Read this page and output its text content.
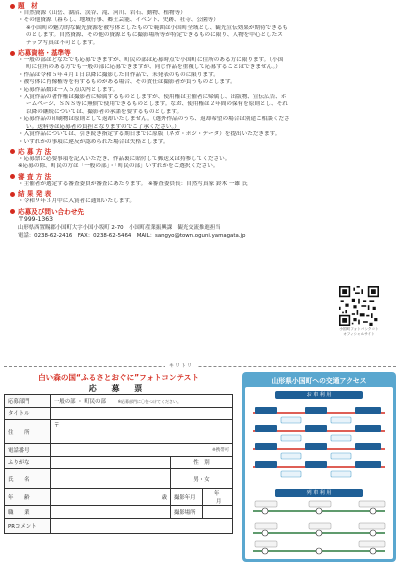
題　材
・自然資源（山岳、湖沼、渓谷、滝、河川、岩石、動物、植物等）
・その他資源（暮らし、地域行事、郷土芸能、イベント、史跡、社寺、公園等）
※小国町の魅力的な観光資源を被写体としたもので範囲は小国町全域とし、観光宣伝効果が期待できるも
のとします。自然資源、その他の資源ともに撮影場所等が特定できるものに限り、人物を中心としたス
ナップ写真は不可とします。
応募資格・基準等
・一般の部はどなたでも応募できますが、町民の部は応募時点で小国町に住所のある方に限ります。（小国
町に住所のある方でも一般の部に応募できますが、同じ作品を重複して応募することはできません。）
・作品は令和５年４月１日以降に撮影した自作品で、未発表のものに限ります。
・被写体に肖像権等を有するものがある場合、その責任は撮影者が負うものとします。
・応募作品数は一人５点以内とします。
・入賞作品の著作権は撮影者に帰属するものとしますが、使用権は主催者に帰属し、出版物、宣伝広告、ホ
ームページ、ＳＮＳ等に無償で使用できるものとします。なお、使用権は２年間の保有を原則とし、それ
以降の継続については、撮影者の承諾を要するものとします。
・応募作品の印刷物は原則として返却いたしません。（選外作品のうち、返却希望の場合は別途ご相談くださ
い。送料等は応募者の負担となりますのでご了承ください。）
・入賞作品については、引き続き指定する期日までに原版（ネガ・ポジ・データ）を提出いただきます。
・いずれかの事項に違反が認められた場合は失格とします。
応 募 方 法
・応募票に必要事項を記入いただき、作品裏に貼付して郵送又は持参してください。
※応募の際、町民の方は「一般の部」・「町民の部」いずれかをご選択ください。
審 査 方 法
・主催者が選定する審査委員が審査にあたります。 ※審査委員長：自然写真家 鈴木 一雄 氏
結 果 発 表
・令和９年３月中に入賞者に通知いたします。
応募及び問い合わせ先
〒999-1363
山形県西置賜郡小国町大字小国小坂町 2-70　小国町産業振興課　観光交流推進担当
電話：0238-62-2416　FAX：0238-62-5464　MAIL：sangyo@town.oguni.yamagata.jp
小国町フォトバンクコト
オフィシャルサイト
キリトリ
白い森の国“ふるさとおぐに”フォトコンテスト
応 募 票
応募部門	一般の部 ・ 町民の部 ※応募部門に〇をつけてください。		
タイトル			
住　　所	〒		
電話番号	※携帯可		
ふりがな		性　別	
氏　　名		男・女	
年　　齢	歳	撮影年月	年 月
職　　業		撮影場所	
PRコメント			
山形県小国町への交通アクセス
お 車 利 用
列 車 利 用
